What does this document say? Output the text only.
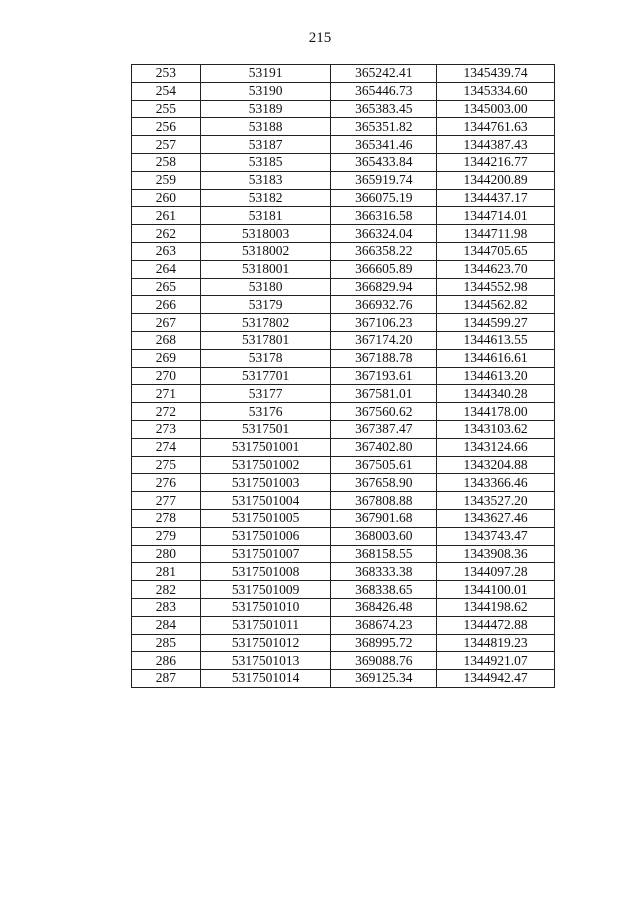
215
253	53191	365242.41	1345439.74
254	53190	365446.73	1345334.60
255	53189	365383.45	1345003.00
256	53188	365351.82	1344761.63
257	53187	365341.46	1344387.43
258	53185	365433.84	1344216.77
259	53183	365919.74	1344200.89
260	53182	366075.19	1344437.17
261	53181	366316.58	1344714.01
262	5318003	366324.04	1344711.98
263	5318002	366358.22	1344705.65
264	5318001	366605.89	1344623.70
265	53180	366829.94	1344552.98
266	53179	366932.76	1344562.82
267	5317802	367106.23	1344599.27
268	5317801	367174.20	1344613.55
269	53178	367188.78	1344616.61
270	5317701	367193.61	1344613.20
271	53177	367581.01	1344340.28
272	53176	367560.62	1344178.00
273	5317501	367387.47	1343103.62
274	5317501001	367402.80	1343124.66
275	5317501002	367505.61	1343204.88
276	5317501003	367658.90	1343366.46
277	5317501004	367808.88	1343527.20
278	5317501005	367901.68	1343627.46
279	5317501006	368003.60	1343743.47
280	5317501007	368158.55	1343908.36
281	5317501008	368333.38	1344097.28
282	5317501009	368338.65	1344100.01
283	5317501010	368426.48	1344198.62
284	5317501011	368674.23	1344472.88
285	5317501012	368995.72	1344819.23
286	5317501013	369088.76	1344921.07
287	5317501014	369125.34	1344942.47
